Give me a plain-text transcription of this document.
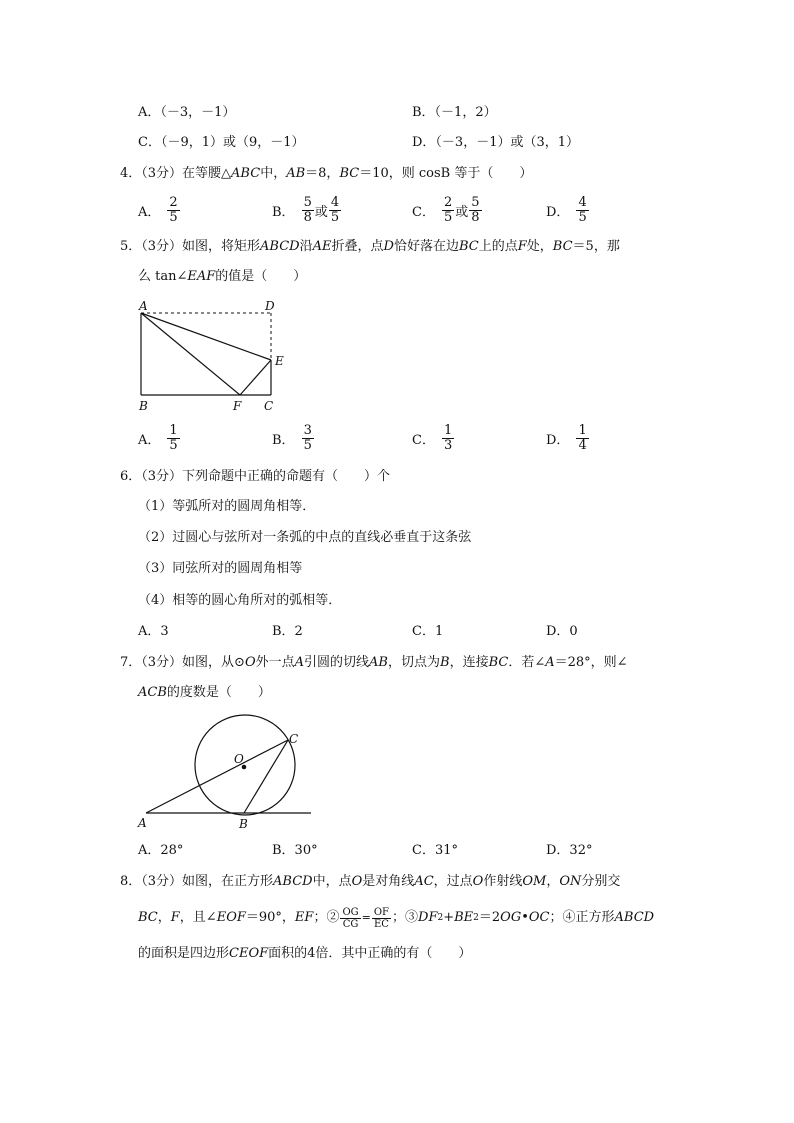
A．（－3，－1）	B．（－1，2）
C．（－9，1）或（9，－1）	D．（－3，－1）或（3，1）
4．（3分）在等腰△ABC中，AB＝8，BC＝10，则 cosB 等于（　　）
A． $\frac{2}{5}$	B． $\frac{5}{8}$ 或 $\frac{4}{5}$	C． $\frac{2}{5}$ 或 $\frac{5}{8}$	D． $\frac{4}{5}$
5．（3分）如图，将矩形ABCD沿AE折叠，点D恰好落在边BC上的点F处，BC＝5，那
么 tan∠EAF的值是（　　）
A	D
E
B	F C
A． $\frac{1}{5}$	B． $\frac{3}{5}$	C． $\frac{1}{3}$	D． $\frac{1}{4}$
6．（3分）下列命题中正确的命题有（　　）个
（1）等弧所对的圆周角相等．
（2）过圆心与弦所对一条弧的中点的直线必垂直于这条弦
（3）同弦所对的圆周角相等
（4）相等的圆心角所对的弧相等．
A．3	B．2	C．1	D．0
7．（3分）如图，从⊙O外一点A引圆的切线AB，切点为B，连接BC．若∠A＝28°，则∠
ACB的度数是（　　）
O
C
A	B
A．28°	B．30°	C．31°	D．32°
8．（3分）如图，在正方形ABCD中，点O是对角线AC，过点O作射线OM，ON分别交
BC ， F ，且∠ EOF ＝90°， EF ；② $\frac{OG}{CG} = \frac{OF}{EC}$ ；③ DF 2 + BE 2 ＝2 OG • OC ；④正方形 ABCD
的面积是四边形CEOF面积的4倍．其中正确的有（　　）
